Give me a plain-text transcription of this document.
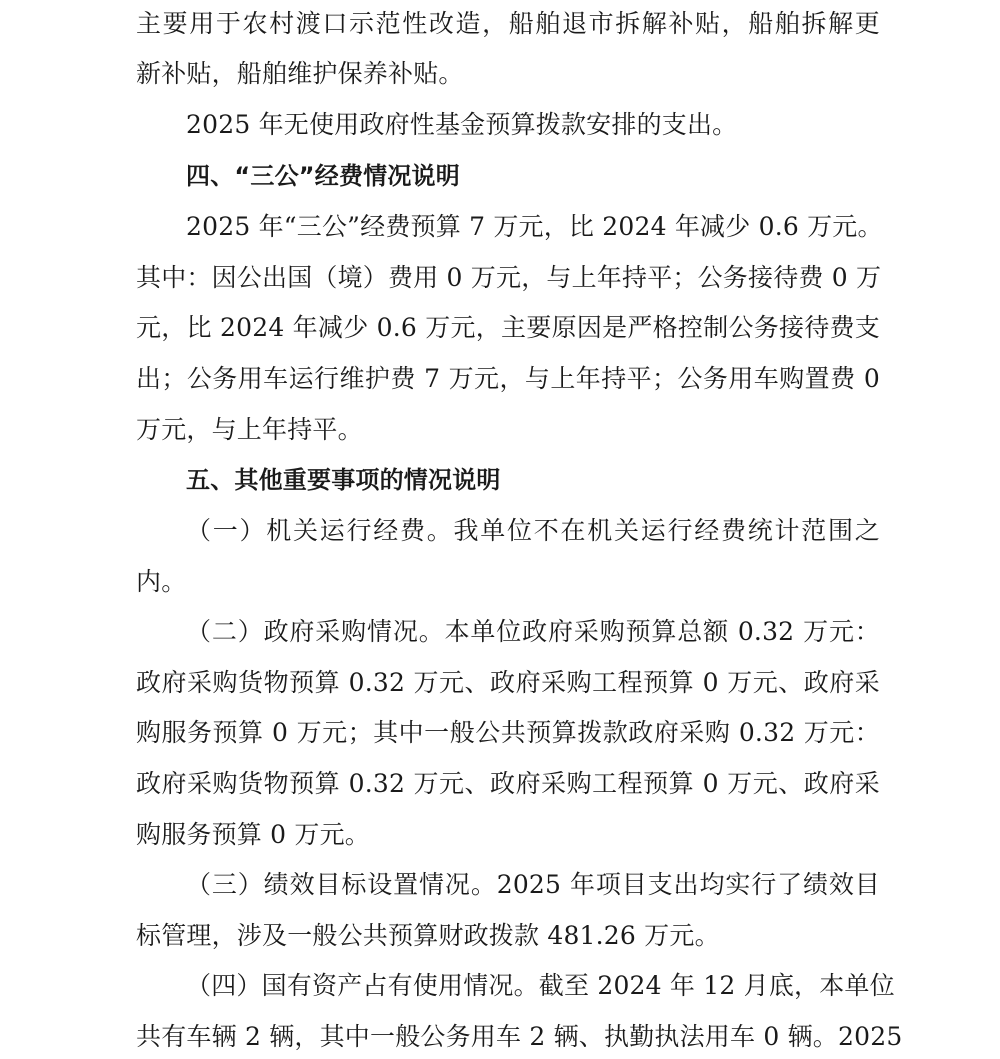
主要用于农村渡口示范性改造，船舶退市拆解补贴，船舶拆解更
新补贴，船舶维护保养补贴。
2025 年无使用政府性基金预算拨款安排的支出。
四、“三公”经费情况说明
2025 年“三公”经费预算 7 万元，比 2024 年减少 0.6 万元。
其中：因公出国（境）费用 0 万元，与上年持平；公务接待费 0 万
元，比 2024 年减少 0.6 万元，主要原因是严格控制公务接待费支
出；公务用车运行维护费 7 万元，与上年持平；公务用车购置费 0
万元，与上年持平。
五、其他重要事项的情况说明
（一）机关运行经费。我单位不在机关运行经费统计范围之
内。
（二）政府采购情况。本单位政府采购预算总额 0.32 万元：
政府采购货物预算 0.32 万元、政府采购工程预算 0 万元、政府采
购服务预算 0 万元；其中一般公共预算拨款政府采购 0.32 万元：
政府采购货物预算 0.32 万元、政府采购工程预算 0 万元、政府采
购服务预算 0 万元。
（三）绩效目标设置情况。2025 年项目支出均实行了绩效目
标管理，涉及一般公共预算财政拨款 481.26 万元。
（四）国有资产占有使用情况。截至 2024 年 12 月底，本单位
共有车辆 2 辆，其中一般公务用车 2 辆、执勤执法用车 0 辆。2025
